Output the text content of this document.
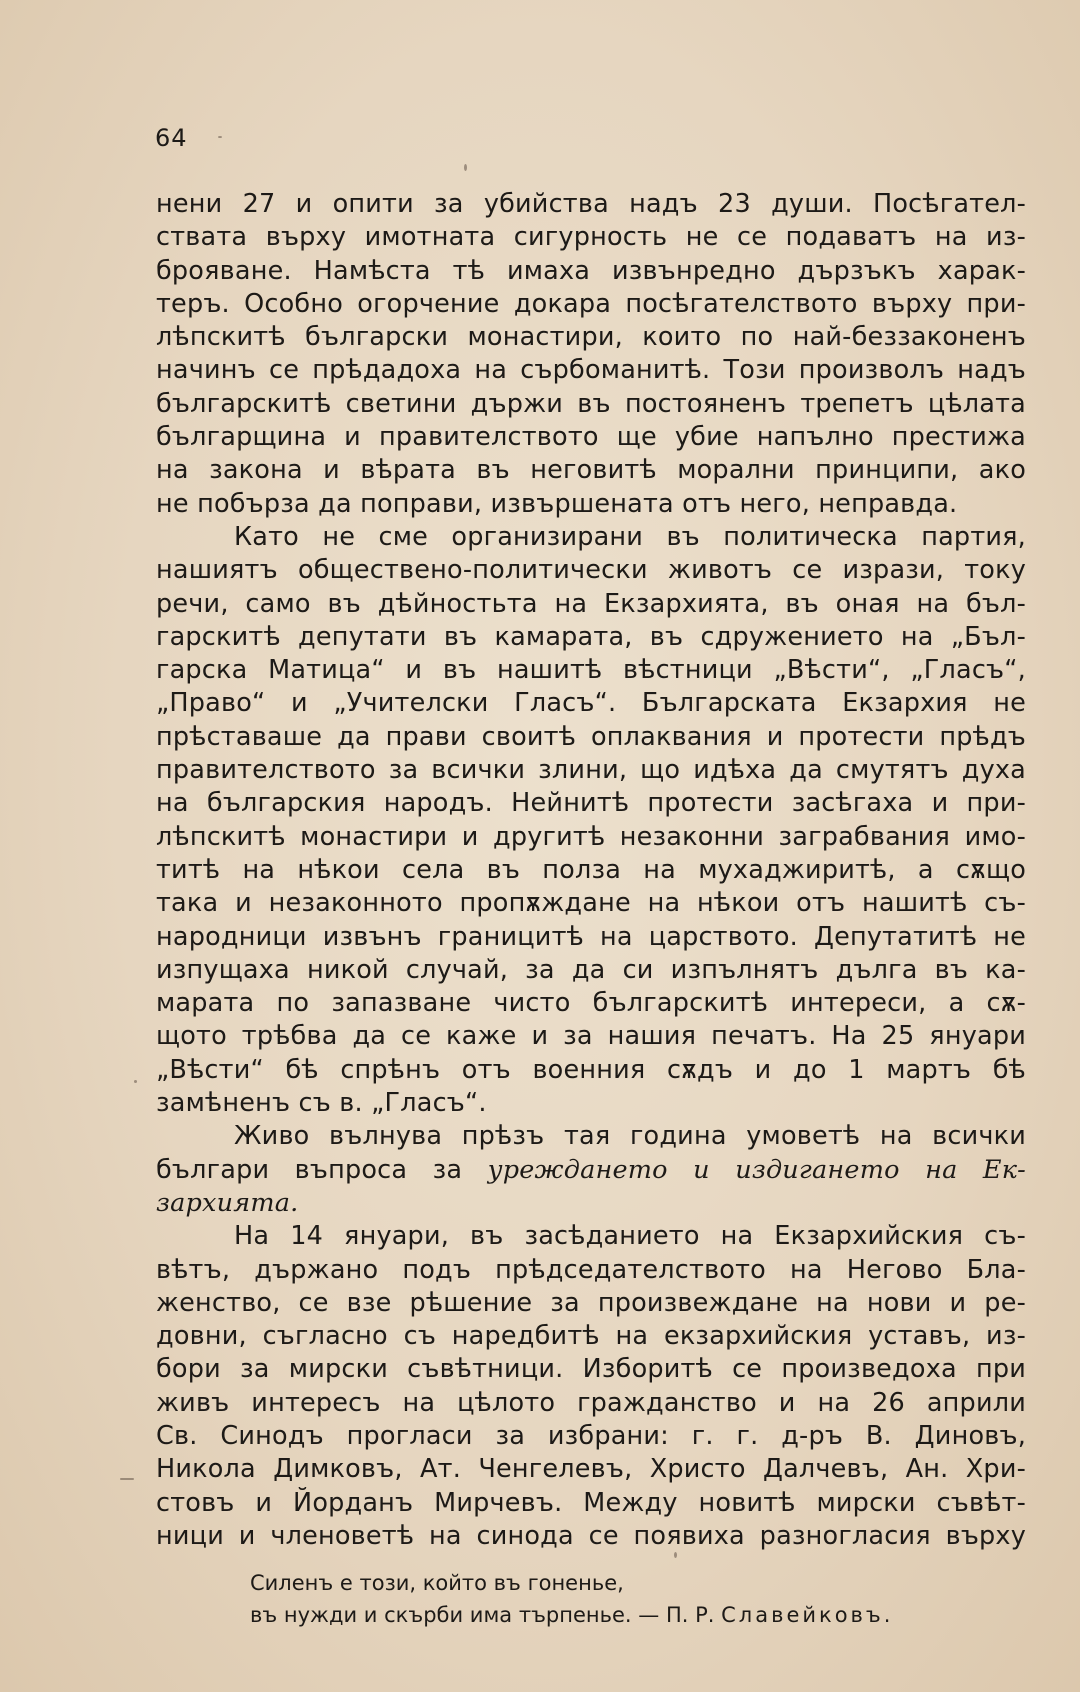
64
нени 27 и опити за убийства надъ 23 души. Посѣгател-
ствата върху имотната сигурность не се подаватъ на из-
брояване. Намѣста тѣ имаха извънредно дързъкъ харак-
теръ. Особно огорчение докара посѣгателството върху при-
лѣпскитѣ български монастири, които по най-беззаконенъ
начинъ се прѣдадоха на сърбоманитѣ. Този произволъ надъ
българскитѣ светини държи въ постояненъ трепетъ цѣлата
българщина и правителството ще убие напълно престижа
на закона и вѣрата въ неговитѣ морални принципи, ако
не побърза да поправи, извършената отъ него, неправда.
Като не сме организирани въ политическа партия,
нашиятъ обществено-политически животъ се изрази, току
речи, само въ дѣйностьта на Екзархията, въ оная на бъл-
гарскитѣ депутати въ камарата, въ сдружението на „Бъл-
гарска Матица“ и въ нашитѣ вѣстници „Вѣсти“, „Гласъ“,
„Право“ и „Учителски Гласъ“. Българската Екзархия не
прѣставаше да прави своитѣ оплаквания и протести прѣдъ
правителството за всички злини, що идѣха да смутятъ духа
на българския народъ. Нейнитѣ протести засѣгаха и при-
лѣпскитѣ монастири и другитѣ незаконни заграбвания имо-
титѣ на нѣкои села въ полза на мухаджиритѣ, а сѫщо
така и незаконното пропѫждане на нѣкои отъ нашитѣ съ-
народници извънъ границитѣ на царството. Депутатитѣ не
изпущаха никой случай, за да си изпълнятъ дълга въ ка-
марата по запазване чисто българскитѣ интереси, а сѫ-
щото трѣбва да се каже и за нашия печатъ. На 25 януари
„Вѣсти“ бѣ спрѣнъ отъ военния сѫдъ и до 1 мартъ бѣ
замѣненъ съ в. „Гласъ“.
Живо вълнува прѣзъ тая година умоветѣ на всички
българи въпроса за урежданетo и издиганетo на Ек-
зархията.
На 14 януари, въ засѣданието на Екзархийския съ-
вѣтъ, държано подъ прѣдседателството на Негово Бла-
женство, се взе рѣшение за произвеждане на нови и ре-
довни, съгласно съ наредбитѣ на екзархийския уставъ, из-
бори за мирски съвѣтници. Изборитѣ се произведоха при
живъ интересъ на цѣлото гражданство и на 26 априли
Св. Синодъ прогласи за избрани: г. г. д-ръ В. Диновъ,
Никола Димковъ, Ат. Ченгелевъ, Христо Далчевъ, Ан. Хри-
стовъ и Йорданъ Мирчевъ. Между новитѣ мирски съвѣт-
ници и членоветѣ на синода се появиха разногласия върху
Силенъ е този, който въ гоненье,
въ нужди и скърби има търпенье. — П. Р. Славейковъ.
